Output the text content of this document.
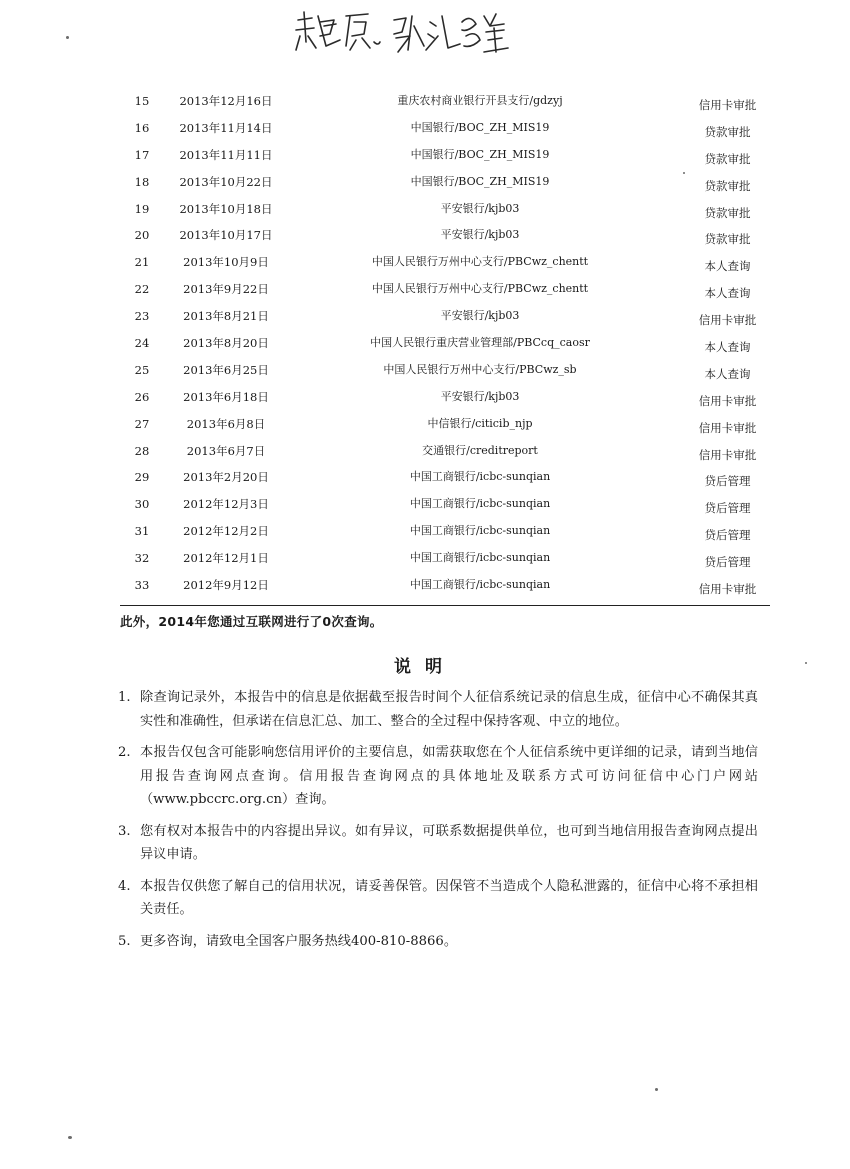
15	2013年12月16日	重庆农村商业银行开县支行/gdzyj	信用卡审批
16	2013年11月14日	中国银行/BOC_ZH_MIS19	贷款审批
17	2013年11月11日	中国银行/BOC_ZH_MIS19	贷款审批
18	2013年10月22日	中国银行/BOC_ZH_MIS19	贷款审批
19	2013年10月18日	平安银行/kjb03	贷款审批
20	2013年10月17日	平安银行/kjb03	贷款审批
21	2013年10月9日	中国人民银行万州中心支行/PBCwz_chentt	本人查询
22	2013年9月22日	中国人民银行万州中心支行/PBCwz_chentt	本人查询
23	2013年8月21日	平安银行/kjb03	信用卡审批
24	2013年8月20日	中国人民银行重庆营业管理部/PBCcq_caosr	本人查询
25	2013年6月25日	中国人民银行万州中心支行/PBCwz_sb	本人查询
26	2013年6月18日	平安银行/kjb03	信用卡审批
27	2013年6月8日	中信银行/citicib_njp	信用卡审批
28	2013年6月7日	交通银行/creditreport	信用卡审批
29	2013年2月20日	中国工商银行/icbc-sunqian	贷后管理
30	2012年12月3日	中国工商银行/icbc-sunqian	贷后管理
31	2012年12月2日	中国工商银行/icbc-sunqian	贷后管理
32	2012年12月1日	中国工商银行/icbc-sunqian	贷后管理
33	2012年9月12日	中国工商银行/icbc-sunqian	信用卡审批
此外，2014年您通过互联网进行了0次查询。
说明
1. 除查询记录外，本报告中的信息是依据截至报告时间个人征信系统记录的信息生成，征信中心不确保其真实性和准确性，但承诺在信息汇总、加工、整合的全过程中保持客观、中立的地位。
2. 本报告仅包含可能影响您信用评价的主要信息，如需获取您在个人征信系统中更详细的记录，请到当地信用报告查询网点查询。信用报告查询网点的具体地址及联系方式可访问征信中心门户网站（www.pbccrc.org.cn）查询。
3. 您有权对本报告中的内容提出异议。如有异议，可联系数据提供单位，也可到当地信用报告查询网点提出异议申请。
4. 本报告仅供您了解自己的信用状况，请妥善保管。因保管不当造成个人隐私泄露的，征信中心将不承担相关责任。
5. 更多咨询，请致电全国客户服务热线400-810-8866。
